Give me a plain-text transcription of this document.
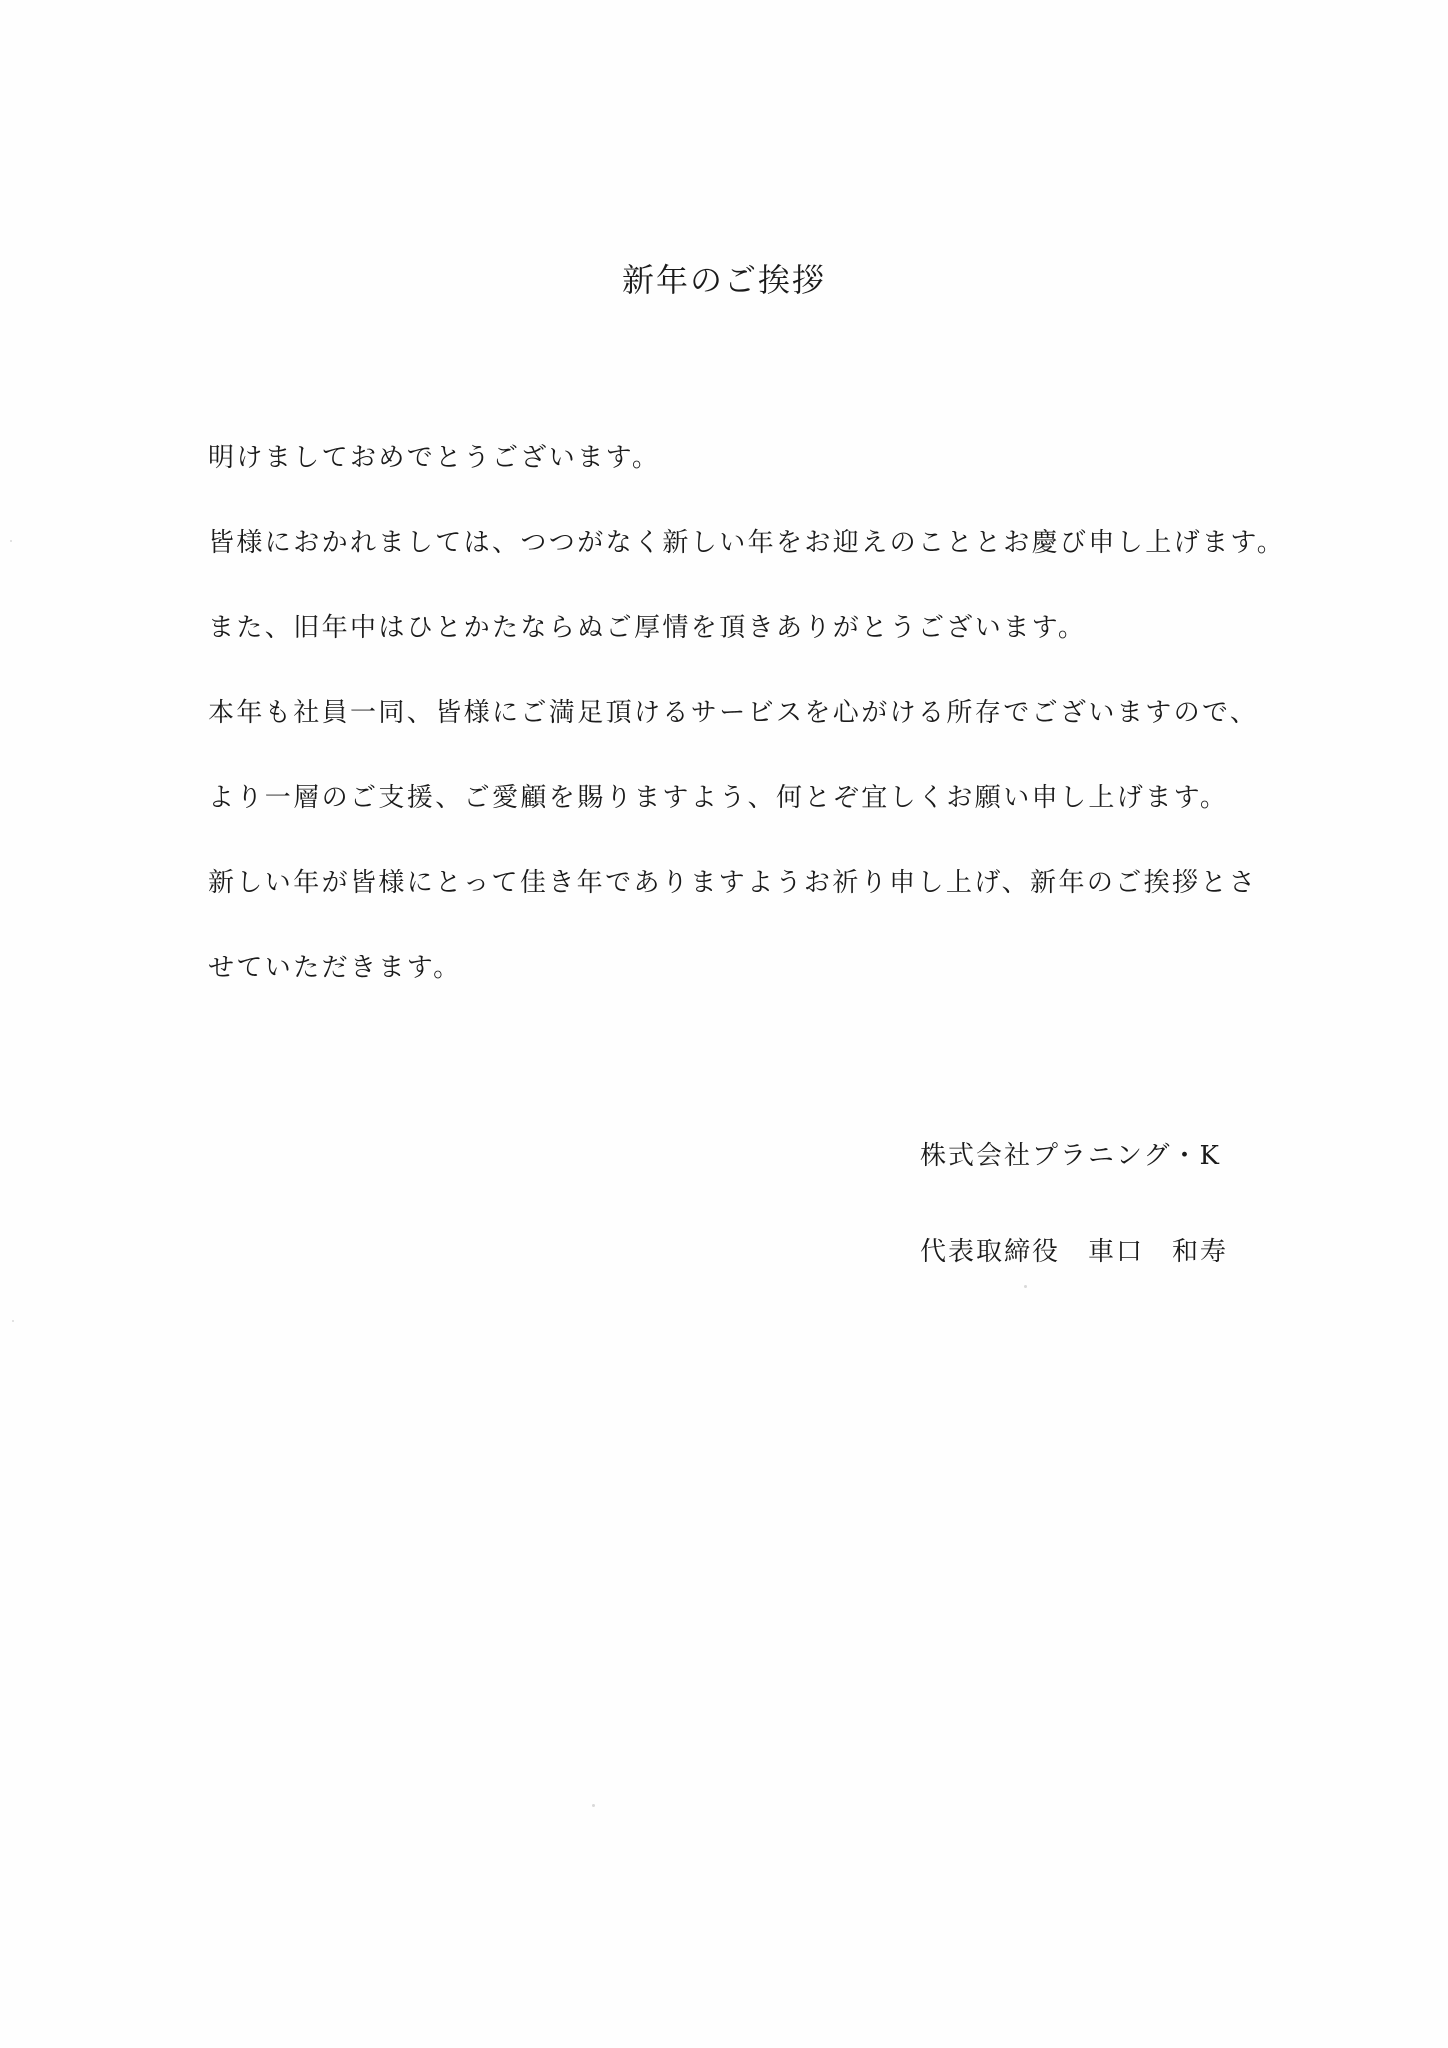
新年のご挨拶
明けましておめでとうございます。
皆様におかれましては、つつがなく新しい年をお迎えのこととお慶び申し上げます。
また、旧年中はひとかたならぬご厚情を頂きありがとうございます。
本年も社員一同、皆様にご満足頂けるサービスを心がける所存でございますので、
より一層のご支援、ご愛顧を賜りますよう、何とぞ宜しくお願い申し上げます。
新しい年が皆様にとって佳き年でありますようお祈り申し上げ、新年のご挨拶とさ
せていただきます。
株式会社プラニング・K
代表取締役　車口　和寿
